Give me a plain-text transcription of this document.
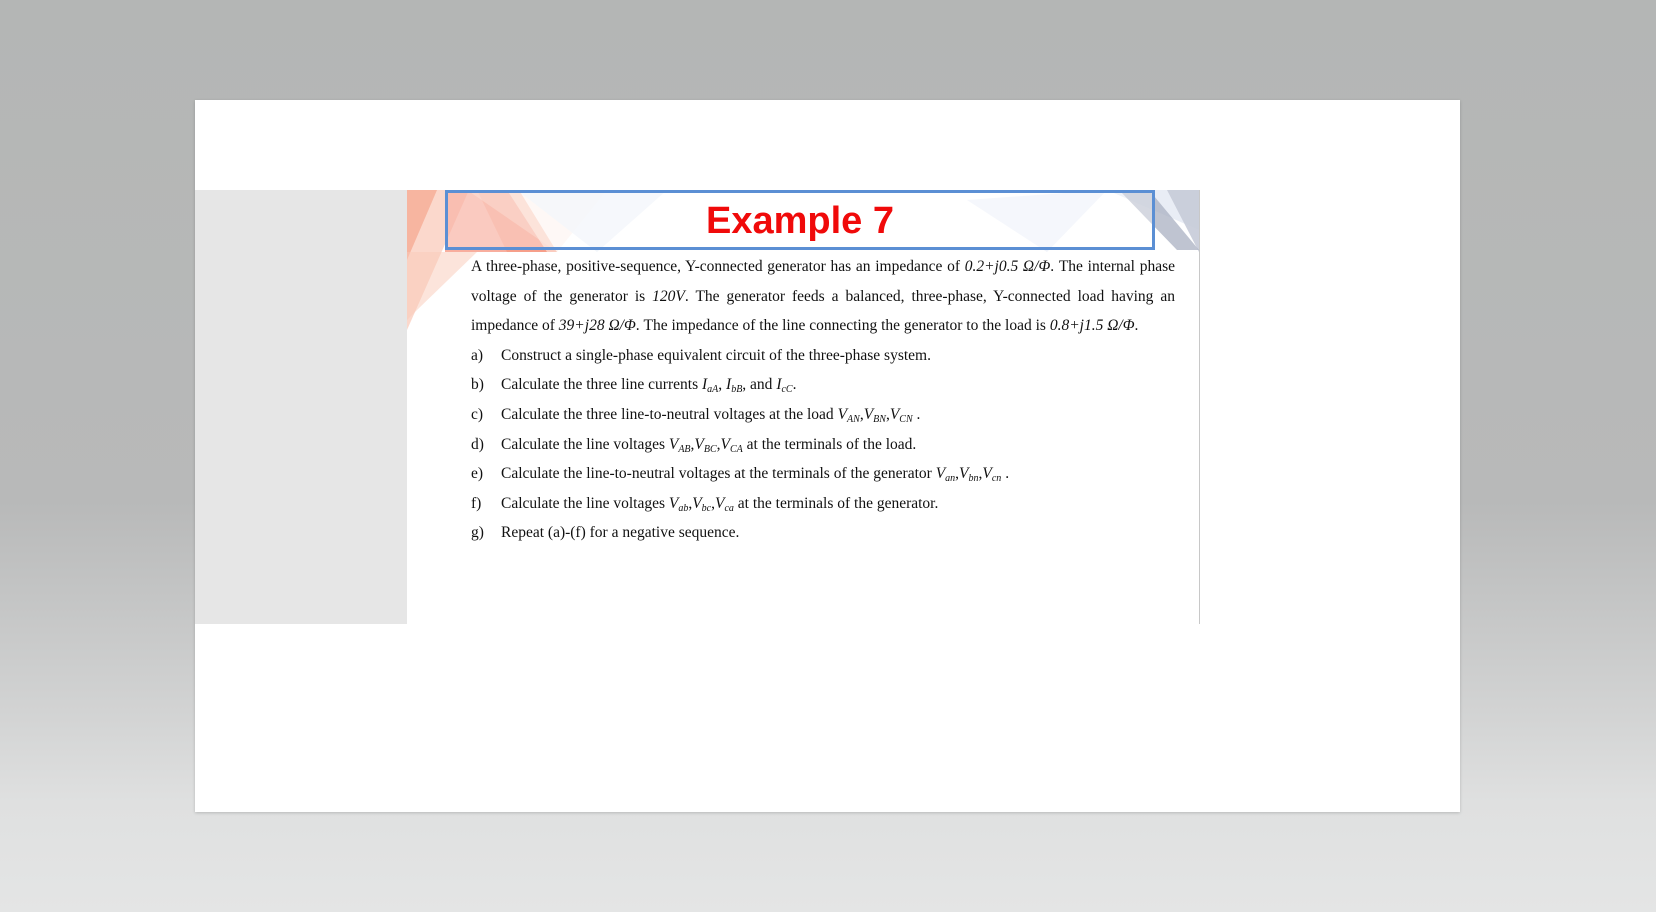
Example 7

A three-phase, positive-sequence, Y-connected generator has an impedance of 0.2+j0.5 Ω/Φ. The internal phase voltage of the generator is 120V. The generator feeds a balanced, three-phase, Y-connected load having an impedance of 39+j28 Ω/Φ. The impedance of the line connecting the generator to the load is 0.8+j1.5 Ω/Φ.

a) Construct a single-phase equivalent circuit of the three-phase system.
b) Calculate the three line currents $I_{aA}$, $I_{bB}$, and $I_{cC}$.
c) Calculate the three line-to-neutral voltages at the load $V_{AN},V_{BN},V_{CN}$ .
d) Calculate the line voltages $V_{AB},V_{BC},V_{CA}$ at the terminals of the load.
e) Calculate the line-to-neutral voltages at the terminals of the generator $V_{an},V_{bn},V_{cn}$ .
f) Calculate the line voltages $V_{ab},V_{bc},V_{ca}$ at the terminals of the generator.
g) Repeat (a)-(f) for a negative sequence.
